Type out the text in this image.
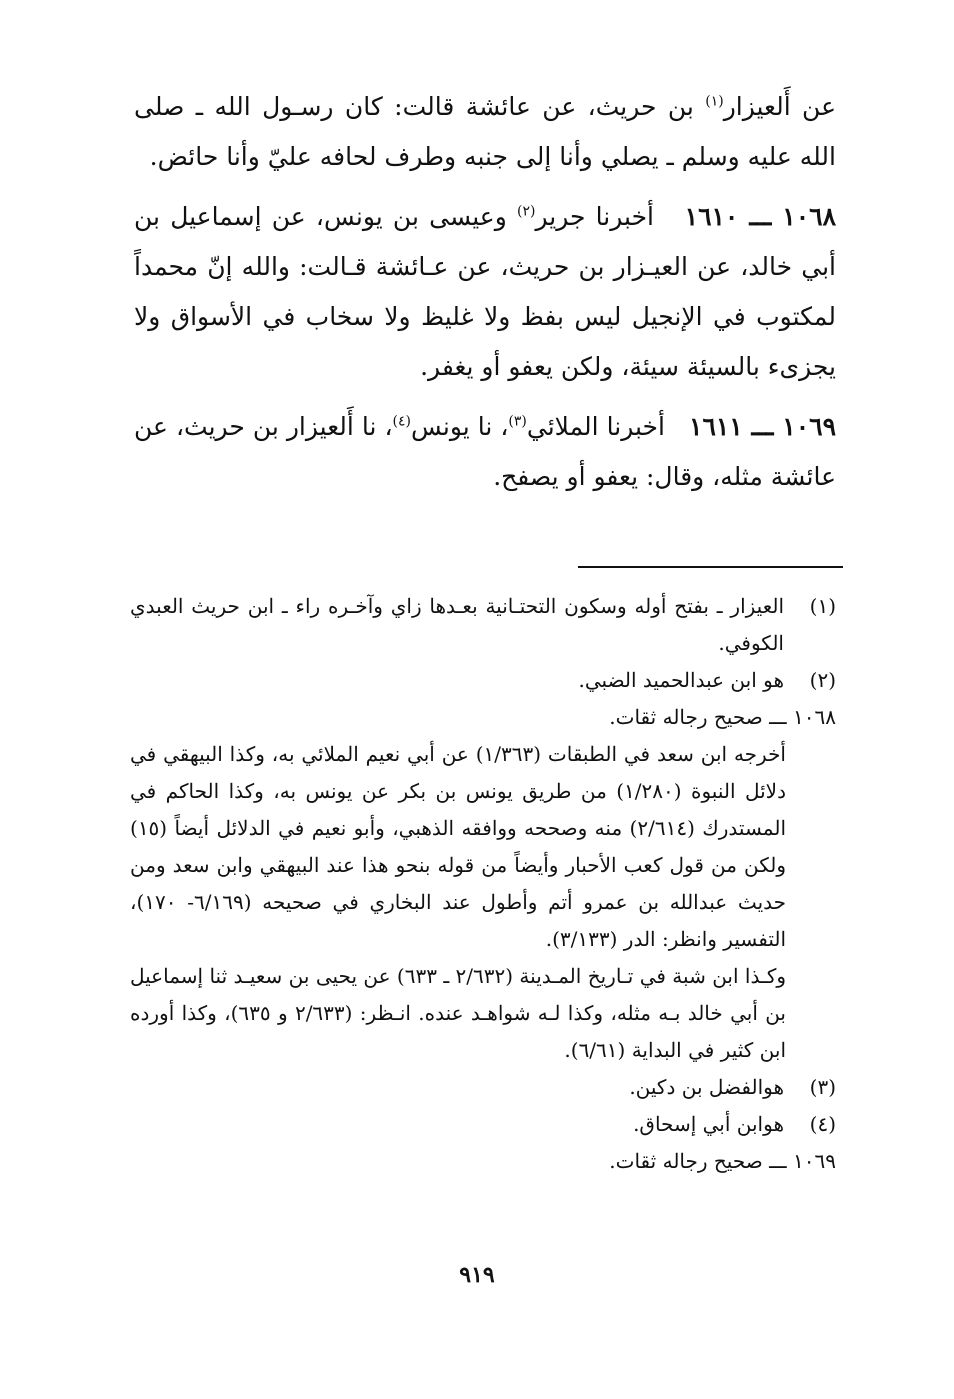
عن أَلعيزار$^{(١)}$ بن حريث، عن عائشة قالت: كان رسـول الله ـ صلى الله عليه وسلم ـ يصلي وأنا إلى جنبه وطرف لحافه عليّ وأنا حائض.

١٠٦٨ ـــ ١٦١٠   أخبرنا جرير$^{(٢)}$ وعيسى بن يونس، عن إسماعيل بن أبي خالد، عن العيـزار بن حريث، عن عـائشة قـالت: والله إنّ محمداً لمكتوب في الإنجيل ليس بفظ ولا غليظ ولا سخاب في الأسواق ولا يجزىء بالسيئة سيئة، ولكن يعفو أو يغفر.

١٠٦٩ ـــ ١٦١١   أخبرنا الملائي$^{(٣)}$، نا يونس$^{(٤)}$، نا أَلعيزار بن حريث، عن عائشة مثله، وقال: يعفو أو يصفح.

(١)
العيزار ـ بفتح أوله وسكون التحتـانية بعـدها زاي وآخـره راء ـ ابن حريث العبدي الكوفي.
(٢)
هو ابن عبدالحميد الضبي.

١٠٦٨ ـــ صحيح رجاله ثقات.

أخرجه ابن سعد في الطبقات (١/٣٦٣) عن أبي نعيم الملائي به، وكذا البيهقي في دلائل النبوة (١/٢٨٠) من طريق يونس بن بكر عن يونس به، وكذا الحاكم في المستدرك (٢/٦١٤) منه وصححه ووافقه الذهبي، وأبو نعيم في الدلائل أيضاً (١٥) ولكن من قول كعب الأحبار وأيضاً من قوله بنحو هذا عند البيهقي وابن سعد ومن حديث عبدالله بن عمرو أتم وأطول عند البخاري في صحيحه (٦/١٦٩- ١٧٠)، التفسير وانظر: الدر (٣/١٣٣).

وكـذا ابن شبة في تـاريخ المـدينة (٢/٦٣٢ ـ ٦٣٣) عن يحيى بن سعيـد ثنا إسماعيل بن أبي خالد بـه مثله، وكذا لـه شواهـد عنده. انـظر: (٢/٦٣٣ و ٦٣٥)، وكذا أورده ابن كثير في البداية (٦/٦١).

(٣)
هوالفضل بن دكين.
(٤)
هوابن أبي إسحاق.

١٠٦٩ ـــ صحيح رجاله ثقات.

٩١٩
